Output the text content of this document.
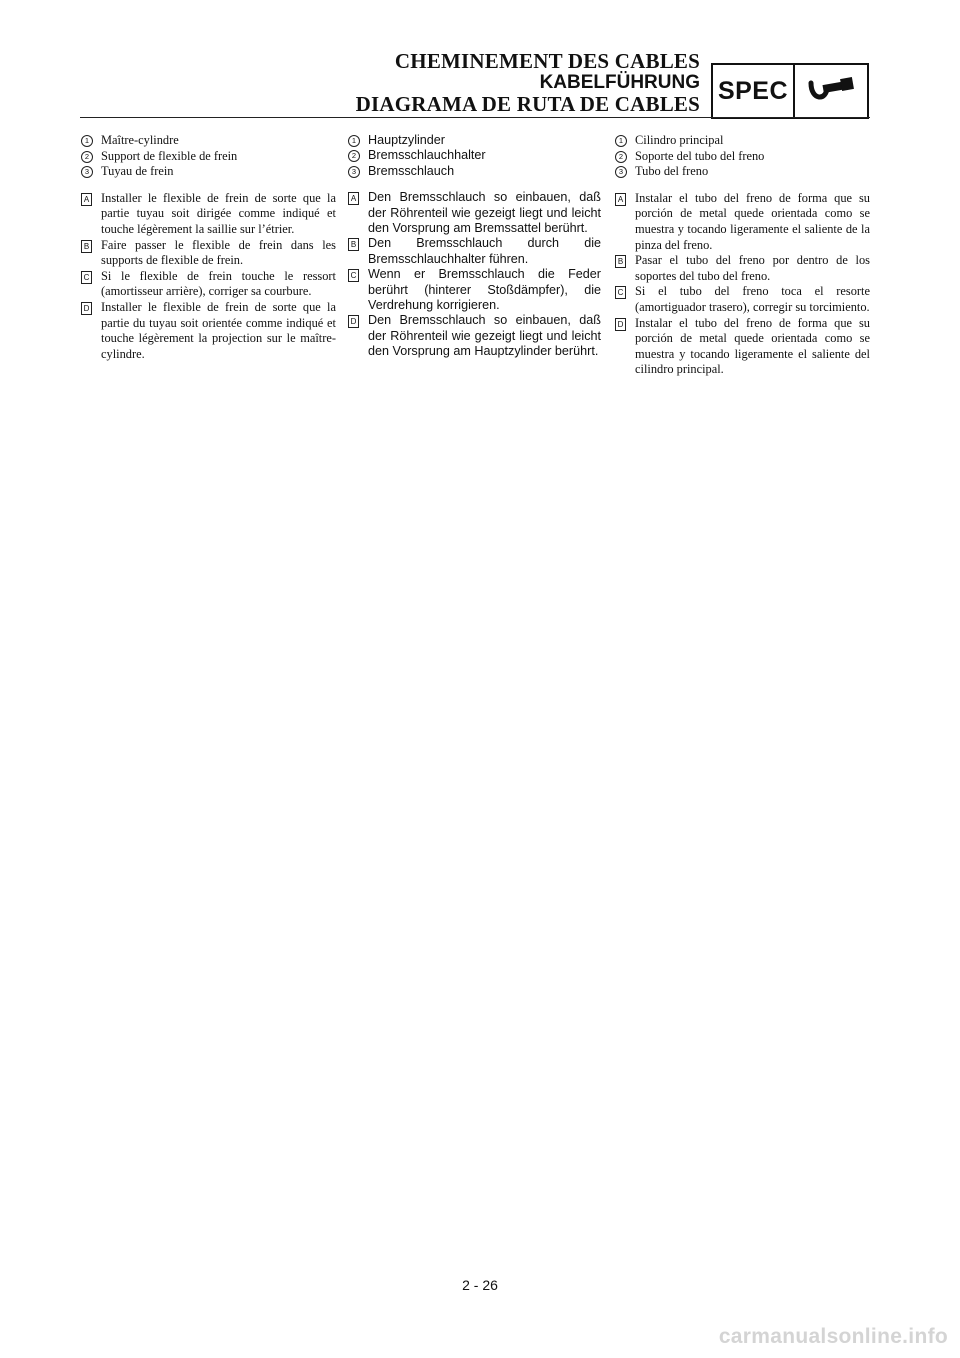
CHEMINEMENT DES CABLES
KABELFÜHRUNG
DIAGRAMA DE RUTA DE CABLES SPEC
1 Maître-cylindre
2 Support de flexible de frein
3 Tuyau de frein
A Installer le flexible de frein de sorte que la partie tuyau soit dirigée comme indiqué et touche légèrement la saillie sur l’étrier.
B Faire passer le flexible de frein dans les supports de flexible de frein.
C Si le flexible de frein touche le ressort (amortisseur arrière), corriger sa courbure.
D Installer le flexible de frein de sorte que la partie du tuyau soit orientée comme indiqué et touche légèrement la projection sur le maître-cylindre.
1 Hauptzylinder
2 Bremsschlauchhalter
3 Bremsschlauch
A Den Bremsschlauch so einbauen, daß der Röhrenteil wie gezeigt liegt und leicht den Vorsprung am Bremssattel berührt.
B Den Bremsschlauch durch die Bremsschlauchhalter führen.
C Wenn er Bremsschlauch die Feder berührt (hinterer Stoßdämpfer), die Verdrehung korrigieren.
D Den Bremsschlauch so einbauen, daß der Röhrenteil wie gezeigt liegt und leicht den Vorsprung am Hauptzylinder berührt.
1 Cilindro principal
2 Soporte del tubo del freno
3 Tubo del freno
A Instalar el tubo del freno de forma que su porción de metal quede orientada como se muestra y tocando ligeramente el saliente de la pinza del freno.
B Pasar el tubo del freno por dentro de los soportes del tubo del freno.
C Si el tubo del freno toca el resorte (amortiguador trasero), corregir su torcimiento.
D Instalar el tubo del freno de forma que su porción de metal quede orientada como se muestra y tocando ligeramente el saliente del cilindro principal.
2 - 26
carmanualsonline.info
